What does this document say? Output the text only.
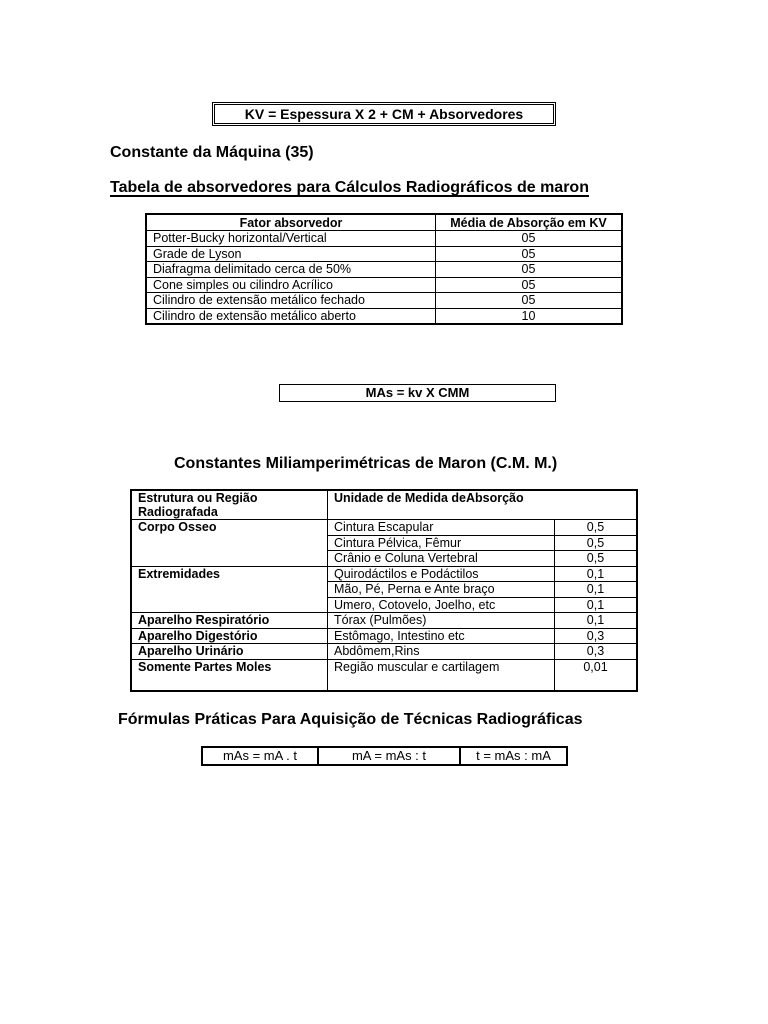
KV = Espessura X 2 + CM + Absorvedores
Constante da Máquina (35)
Tabela de absorvedores para Cálculos Radiográficos de maron
Fator absorvedor	Média de Absorção em KV
Potter-Bucky horizontal/Vertical	05
Grade de Lyson	05
Diafragma delimitado cerca de 50%	05
Cone simples ou cilindro Acrílico	05
Cilindro de extensão metálico fechado	05
Cilindro de extensão metálico aberto	10
MAs = kv X CMM
Constantes Miliamperimétricas de Maron (C.M. M.)
Estrutura ou Região Radiografada	Unidade de Medida deAbsorção	
Corpo Osseo	Cintura Escapular	0,5
	Cintura Pélvica, Fêmur	0,5
	Crânio e Coluna Vertebral	0,5
Extremidades	Quirodáctilos e Podáctilos	0,1
	Mão, Pé, Perna e Ante braço	0,1
	Umero, Cotovelo, Joelho, etc	0,1
Aparelho Respiratório	Tórax (Pulmões)	0,1
Aparelho Digestório	Estômago, Intestino etc	0,3
Aparelho Urinário	Abdômem,Rins	0,3
Somente Partes Moles	Região muscular e cartilagem	0,01
Fórmulas Práticas Para Aquisição de Técnicas Radiográficas
mAs = mA . t	mA = mAs : t	t = mAs : mA
